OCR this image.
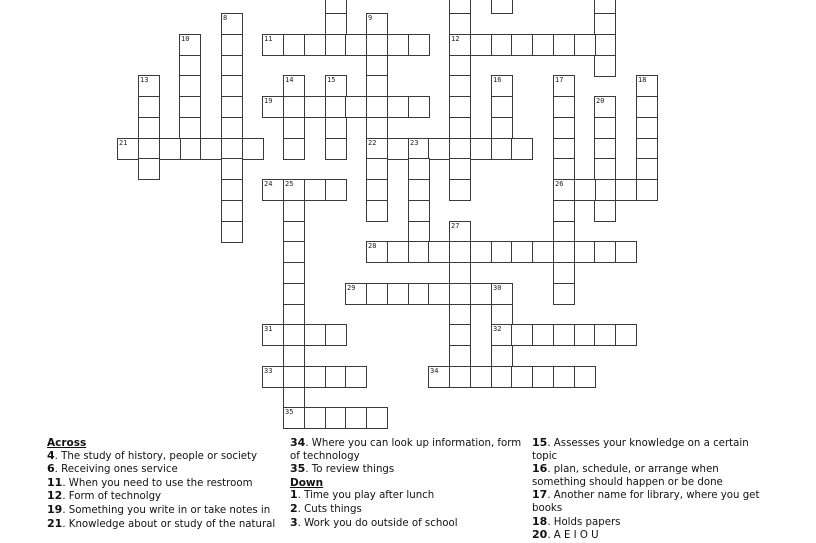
12
8	9
22
10	11
13	14	15	16	17
26
18
19	20
21	23
24 25
35
27
28
29	30
32
31
33	34
Across
4. The study of history, people or society
6. Receiving ones service
11. When you need to use the restroom
12. Form of technolgy
19. Something you write in or take notes in
21. Knowledge about or study of the natural
34. Where you can look up information, form of technology
35. To review things
Down
1. Time you play after lunch
2. Cuts things
3. Work you do outside of school
15. Assesses your knowledge on a certain topic
16. plan, schedule, or arrange when something should happen or be done
17. Another name for library, where you get books
18. Holds papers
20. A E I O U
